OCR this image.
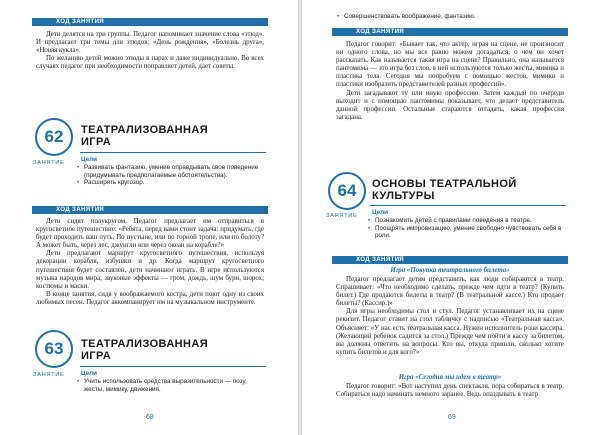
ХОД ЗАНЯТИЯ

Дети делятся на три группы. Педагог напоминает значение слова «этюд». И предлагает три темы для этюдов: «День рождения», «Болезнь друга», «Новая кукла».

По желанию детей можно этюды в парах и даже индивидуально. Во всех случаях педагог при необходимости поправляет детей, дает советы.

62
ЗАНЯТИЕ
ТЕАТРАЛИЗОВАННАЯ
ИГРА
Цели
• Развивать фантазию, умение оправдывать свое поведение (придумывать предполагаемые обстоятельства).
• Расширять кругозор.
ХОД ЗАНЯТИЯ

Дети сидят полукругом. Педагог предлагает им отправиться в кругосветное путешествие: «Ребята, перед вами стоит задача: придумать, где будет проходить ваш путь. По пустыне, или по горной тропе, или по болоту? А может быть, через лес, джунгли или через океан на корабле?»

Дети предлагают маршрут кругосветного путешествия, используя декорации корабля, избушки и др. Когда маршрут кругосветного путешествия будет составлен, дети начинают играть. В игре используются музыка народов мира; звуковые эффекты — гром, дождь, шум бури, шорох; костюмы и маски.

В конце занятия, сидя у воображаемого костра, дети поют одну из своих любимых песен. Педагог аккомпанирует им на музыкальном инструменте.

63
ЗАНЯТИЕ
ТЕАТРАЛИЗОВАННАЯ
ИГРА
Цели
• Учить использовать средства выразительности — позу, жесты, мимику, движения.
68
• Совершенствовать воображение, фантазию.
ХОД ЗАНЯТИЯ

Педагог говорит: «Бывает так, что актер, играя на сцене, не произносит ни одного слова, но мы все равно можем догадаться, о чем он хочет рассказать. Как называется такая игра на сцене? Правильно, она называется пантомима — это игра без слов, в ней используются только жесты, мимика и пластика тела. Сегодня мы попробуем с помощью жестов, мимики и пластики изобразить представителей разных профессий».

Дети загадывают ту или иную профессию. Затем каждый по очереди выходит и с помощью пантомимы показывает, что делает представитель данной профессии. Остальные стараются отгадать, какая профессия загадана.

64
ЗАНЯТИЕ
ОСНОВЫ ТЕАТРАЛЬНОЙ
КУЛЬТУРЫ
Цели
• Познакомить детей с правилами поведения в театре.
• Поощрять импровизацию, умение свободно чувствовать себя в роли.
ХОД ЗАНЯТИЯ
Игра «Покупка театрального билета»

Педагог предлагает детям представить, как люди собираются в театр. Спрашивает: «Что необходимо сделать, прежде чем идти в театр? (Купить билет.) Где продаются билеты в театр? (В театральной кассе.) Кто продает билеты? (Кассир.)»

Для игры необходимы стол и стул. Педагог устанавливает их на сцене рекизит. Педагог ставит на стол табличку с надписью «Театральная касса». Объясняет: «У нас есть театральная касса. Нужен исполнитель роли кассира. (Желающий ребенок садится за стол.) Прежде чем пойти в кассу за билетом, вы должны ответить на вопросы. Кто вы, откуда пришли, сколько хотите купить билетов и для кого?»

Игра «Сегодня мы идем в театр»

Педагог говорит: «Вот наступил день спектакля, пора собираться в театр. Собираться надо начинать немного заранее. Ведь опаздывать в театр

69
